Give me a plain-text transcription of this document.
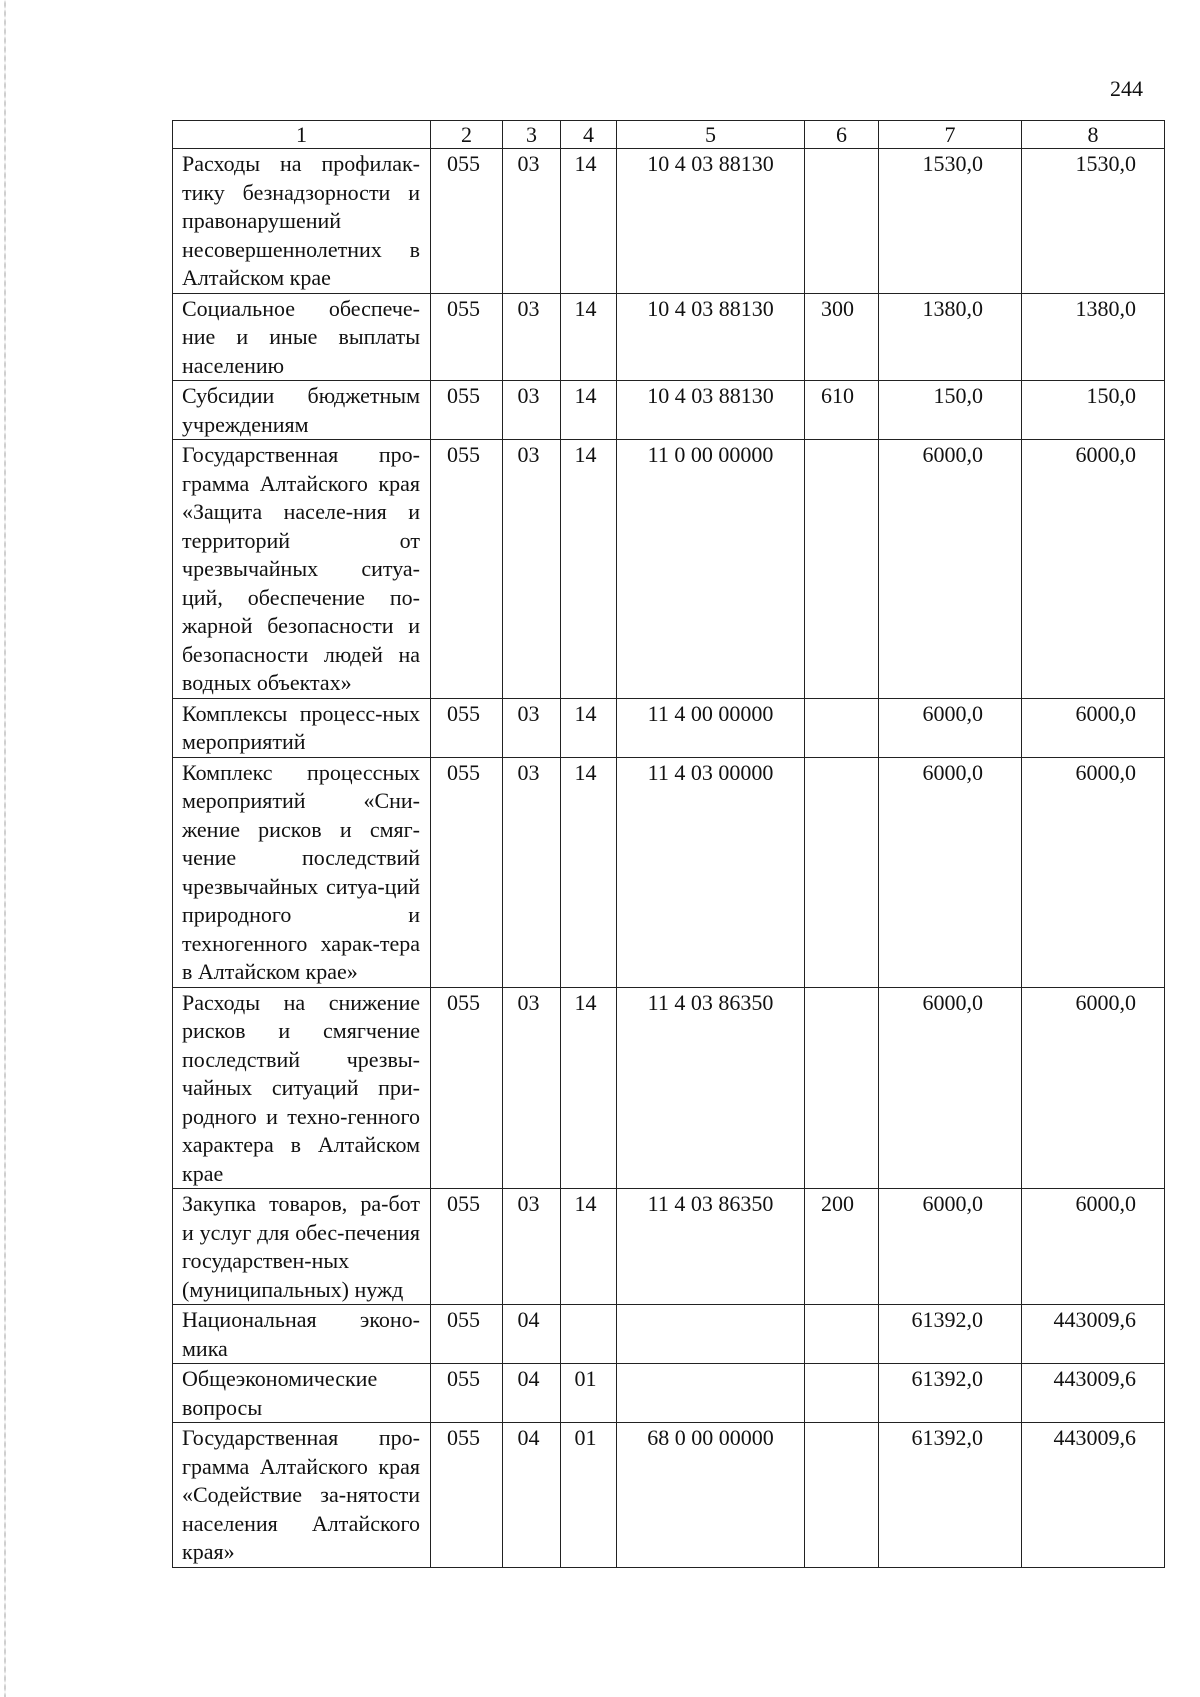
244
1	2	3	4	5	6	7	8
Расходы на профилак-тику безнадзорности и правонарушений несовершеннолетних в Алтайском крае	055	03	14	10 4 03 88130		1530,0	1530,0
Социальное обеспече-ние и иные выплаты населению	055	03	14	10 4 03 88130	300	1380,0	1380,0
Субсидии бюджетным учреждениям	055	03	14	10 4 03 88130	610	150,0	150,0
Государственная про-грамма Алтайского края «Защита населе-ния и территорий от чрезвычайных ситуа-ций, обеспечение по-жарной безопасности и безопасности людей на водных объектах»	055	03	14	11 0 00 00000		6000,0	6000,0
Комплексы процесс-ных мероприятий	055	03	14	11 4 00 00000		6000,0	6000,0
Комплекс процессных мероприятий «Сни-жение рисков и смяг-чение последствий чрезвычайных ситуа-ций природного и техногенного харак-тера в Алтайском крае»	055	03	14	11 4 03 00000		6000,0	6000,0
Расходы на снижение рисков и смягчение последствий чрезвы-чайных ситуаций при-родного и техно-генного характера в Алтайском крае	055	03	14	11 4 03 86350		6000,0	6000,0
Закупка товаров, ра-бот и услуг для обес-печения государствен-ных (муниципальных) нужд	055	03	14	11 4 03 86350	200	6000,0	6000,0
Национальная эконо-мика	055	04				61392,0	443009,6
Общеэкономические вопросы	055	04	01			61392,0	443009,6
Государственная про-грамма Алтайского края «Содействие за-нятости населения Алтайского края»	055	04	01	68 0 00 00000		61392,0	443009,6
